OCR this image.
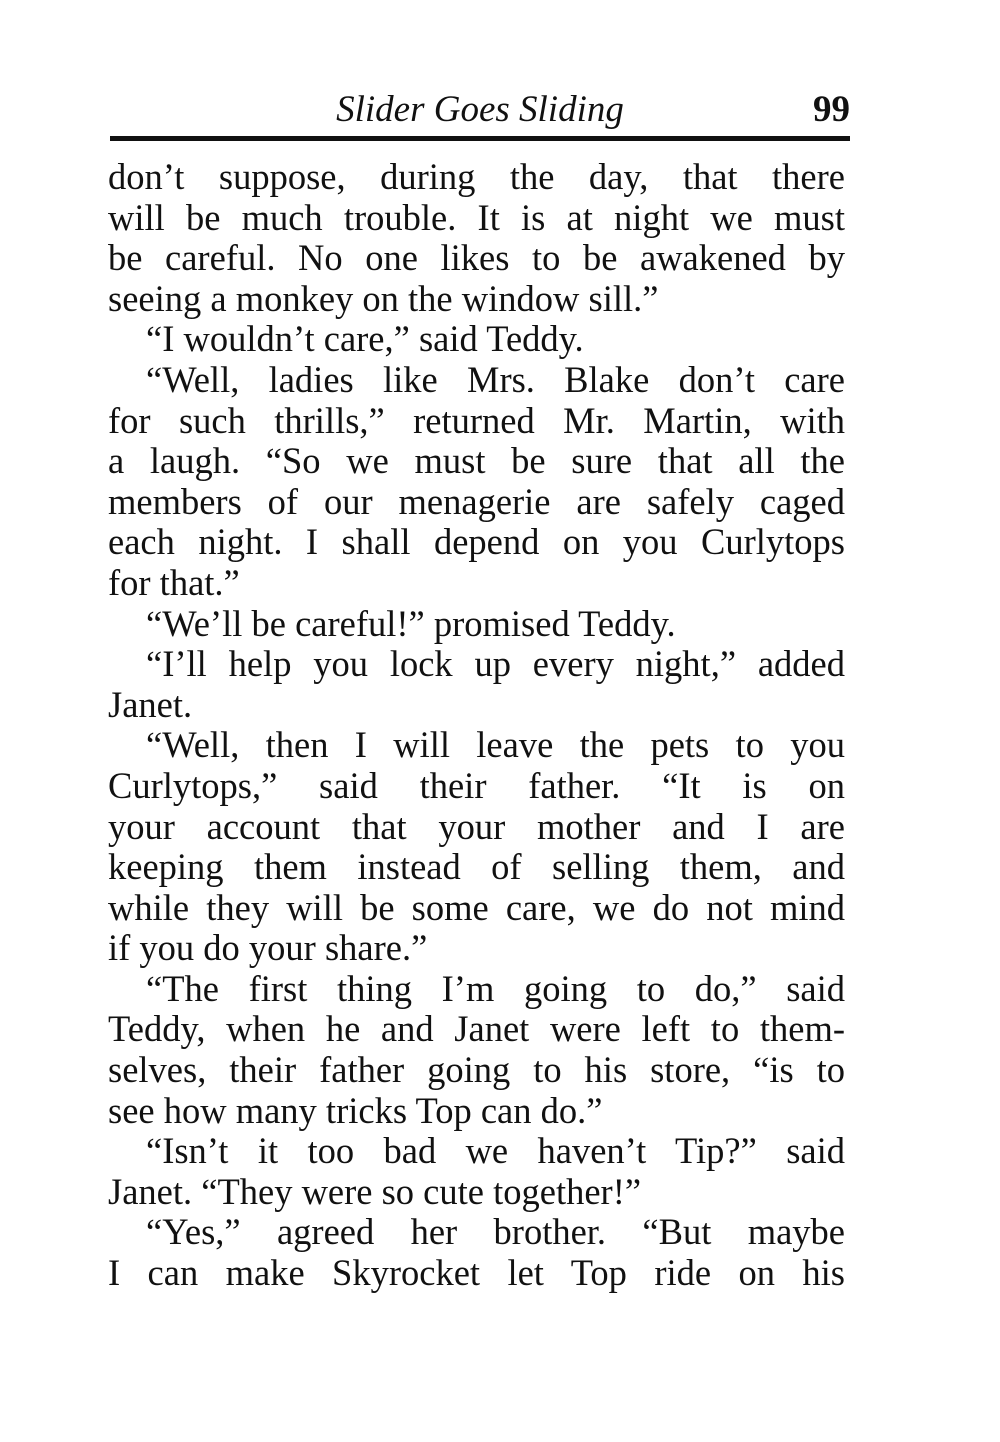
Slider Goes Sliding	99
don’t suppose, during the day, that there
will be much trouble. It is at night we must
be careful. No one likes to be awakened by
seeing a monkey on the window sill.”
“I wouldn’t care,” said Teddy.
“Well, ladies like Mrs. Blake don’t care
for such thrills,” returned Mr. Martin, with
a laugh. “So we must be sure that all the
members of our menagerie are safely caged
each night. I shall depend on you Curlytops
for that.”
“We’ll be careful!” promised Teddy.
“I’ll help you lock up every night,” added
Janet.
“Well, then I will leave the pets to you
Curlytops,” said their father. “It is on
your account that your mother and I are
keeping them instead of selling them, and
while they will be some care, we do not mind
if you do your share.”
“The first thing I’m going to do,” said
Teddy, when he and Janet were left to them-
selves, their father going to his store, “is to
see how many tricks Top can do.”
“Isn’t it too bad we haven’t Tip?” said
Janet. “They were so cute together!”
“Yes,” agreed her brother. “But maybe
I can make Skyrocket let Top ride on his
